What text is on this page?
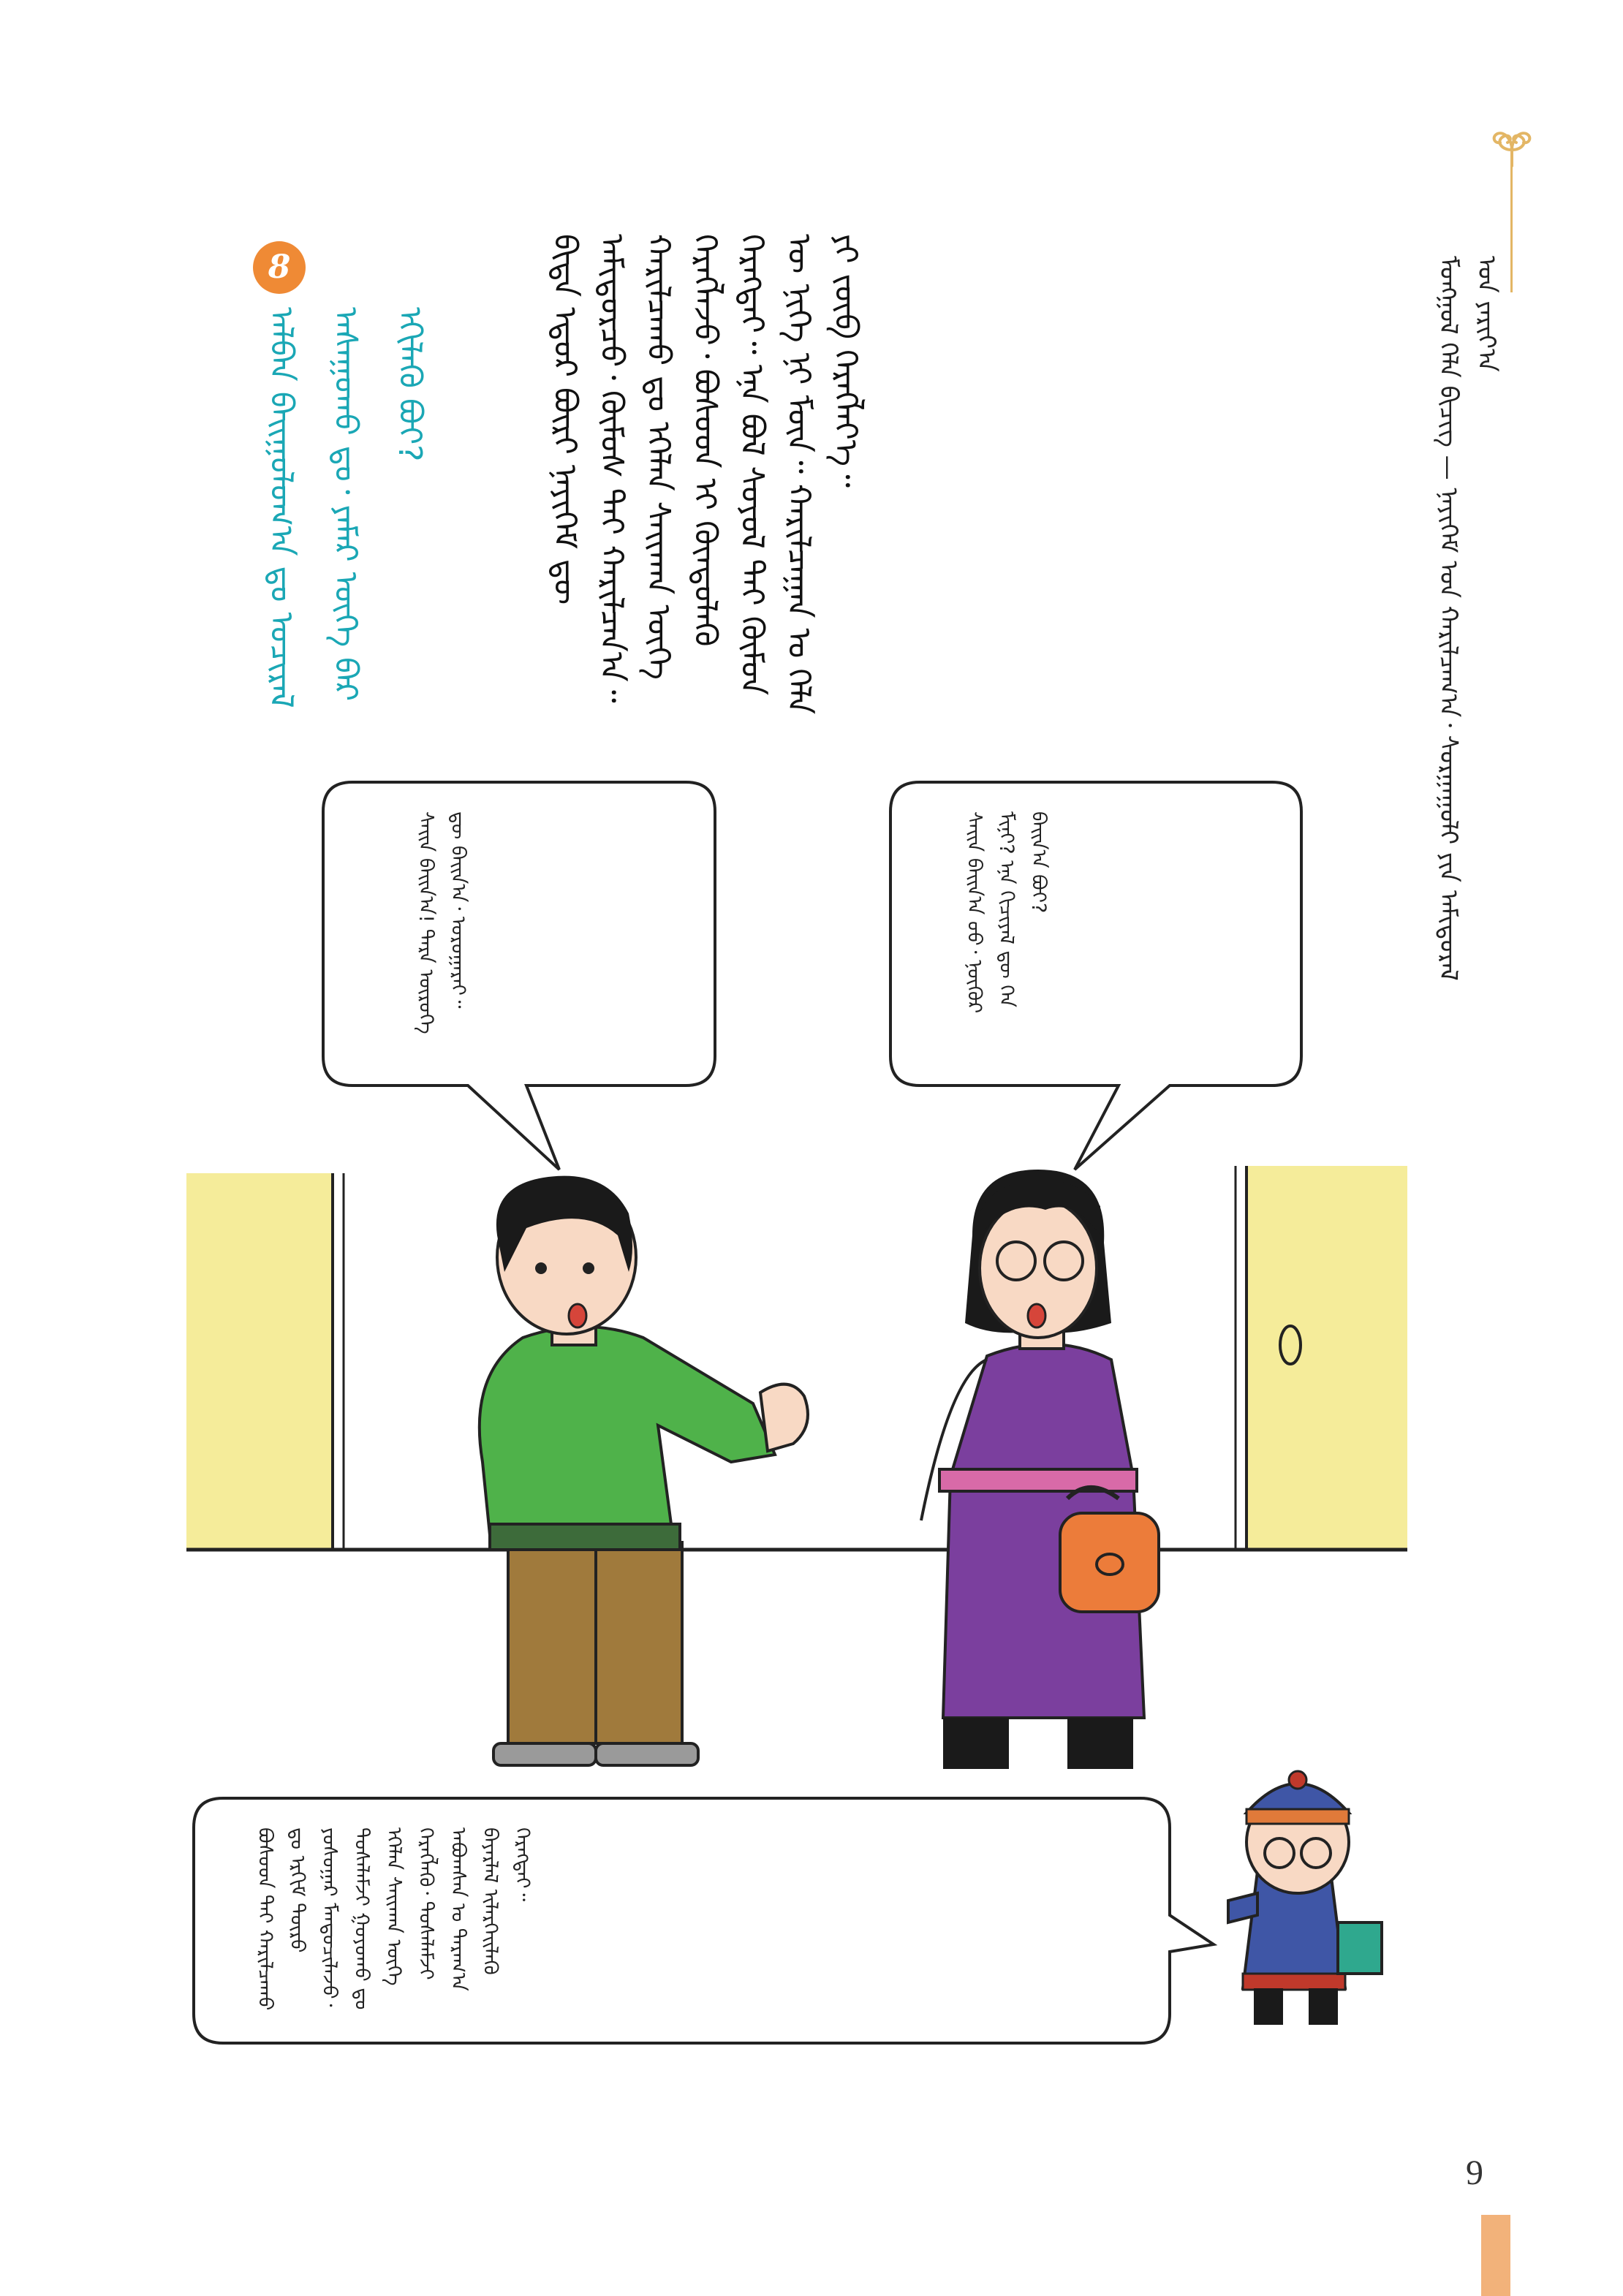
ᠮᠣᠩᠭᠣᠯ ᠬᠡᠯᠡ ᠪᠢᠴᠢᠭ — ᠨᠡᠶᠢᠭᠡᠮ ᠤᠨ ᠬᠠᠷᠢᠯᠴᠠᠭ᠎ᠠ᠂ ᠰᠤᠷᠭᠠᠭᠤᠯᠢ ᠶᠢᠨ ᠠᠮᠢᠳᠤᠷᠠᠯ ᠤᠨ ᠶᠠᠷᠢᠶ᠎ᠠ
ᠪᠢᠳᠡ ᠡᠳᠦᠷ ᠪᠦᠷᠢ ᠨᠡᠶᠢᠭᠡᠮ ᠳᠦ ᠠᠮᠢᠳᠤᠷᠴᠤ᠂ ᠬᠦᠮᠦᠰ ᠲᠡᠢ ᠬᠠᠷᠢᠯᠴᠠᠨ᠎ᠠ᠃ ᠬᠠᠷᠢᠯᠴᠠᠬᠤ ᠳᠤ ᠡᠭᠡᠯᠡᠨ ᠰᠠᠢᠬᠠᠨ ᠦᠭᠡ ᠬᠡᠷᠡᠭᠯᠡᠵᠦ᠂ ᠪᠤᠰᠤᠳ ᠢ ᠬᠦᠨᠳᠦᠯᠡᠬᠦ ᠬᠡᠷᠡᠭᠲᠡᠢ᠃ ᠡᠨᠡ ᠪᠣᠯ ᠰᠤᠶᠤᠯ ᠲᠠᠢ ᠬᠦᠮᠦᠨ ᠦ ᠨᠢᠭᠡ ᠨᠢ ᠮᠥᠨ᠃ ᠬᠠᠷᠢᠯᠴᠠᠭᠠᠨ ᠤ ᠬᠡᠯᠡ ᠶᠢ ᠵᠥᠪ ᠬᠡᠷᠡᠭᠯᠡᠶ᠎ᠡ᠃
8
ᠠᠯᠪᠠᠨ ᠪᠠᠢᠭᠤᠯᠤᠭ᠎ᠠ ᠳᠤ ᠤᠴᠢᠷᠠᠯ ᠠᠰᠠᠭᠤᠬᠤ ᠳᠤ᠂ ᠶᠠᠮᠠᠷ ᠦᠭᠡ ᠪᠡᠷ ᠡᠬᠢᠯᠡᠬᠦ ᠪᠣᠢ?
ᠰᠠᠢᠨ ᠪᠠᠢᠨ᠎ᠠ ᠤᠤ᠂ ᠨᠦᠬᠦᠷ ᠮᠢᠨᠢ? ᠡᠨᠡ ᠬᠢᠴᠢᠶᠡᠯ ᠳᠦ ᠬᠡᠨ ᠪᠠᠢᠨ᠎ᠠ ᠪᠤᠢ?
ᠰᠠᠢᠨ ᠪᠠᠢᠨ᠎ᠠ! ᠲᠡᠷᠡ ᠥᠷᠦᠭᠡ ᠳᠦ ᠪᠠᠢᠨ᠎ᠠ᠂ ᠣᠷᠤᠭᠠᠷᠠᠢ᠃
ᠪᠤᠰᠤᠳ ᠲᠠᠢ ᠬᠠᠷᠢᠯᠴᠠᠬᠤ ᠳᠤ ᠡᠷᠬᠢᠮ ᠲᠦᠷᠦ ᠶᠣᠰᠣᠭᠠᠷ ᠮᠡᠨᠳᠦᠴᠢᠯᠡᠵᠦ᠂ ᠲᠤᠰᠠᠯᠠᠮᠵᠢ ᠭᠤᠶᠤᠬᠤ ᠳᠤ ᠡᠭᠡᠯᠡᠨ ᠰᠠᠢᠬᠠᠨ ᠦᠭᠡ ᠬᠡᠷᠡᠭᠯᠡᠬᠦ᠂ ᠲᠤᠰᠠᠯᠠᠮᠵᠢ ᠠᠪᠤᠭᠰᠠᠨ ᠤ ᠳᠠᠷᠠᠭ᠎ᠠ ᠪᠠᠶᠠᠷᠯᠠᠯ ᠢᠯᠡᠷᠬᠡᠢᠯᠡᠬᠦ ᠬᠡᠷᠡᠭᠲᠡᠢ᠃
9
